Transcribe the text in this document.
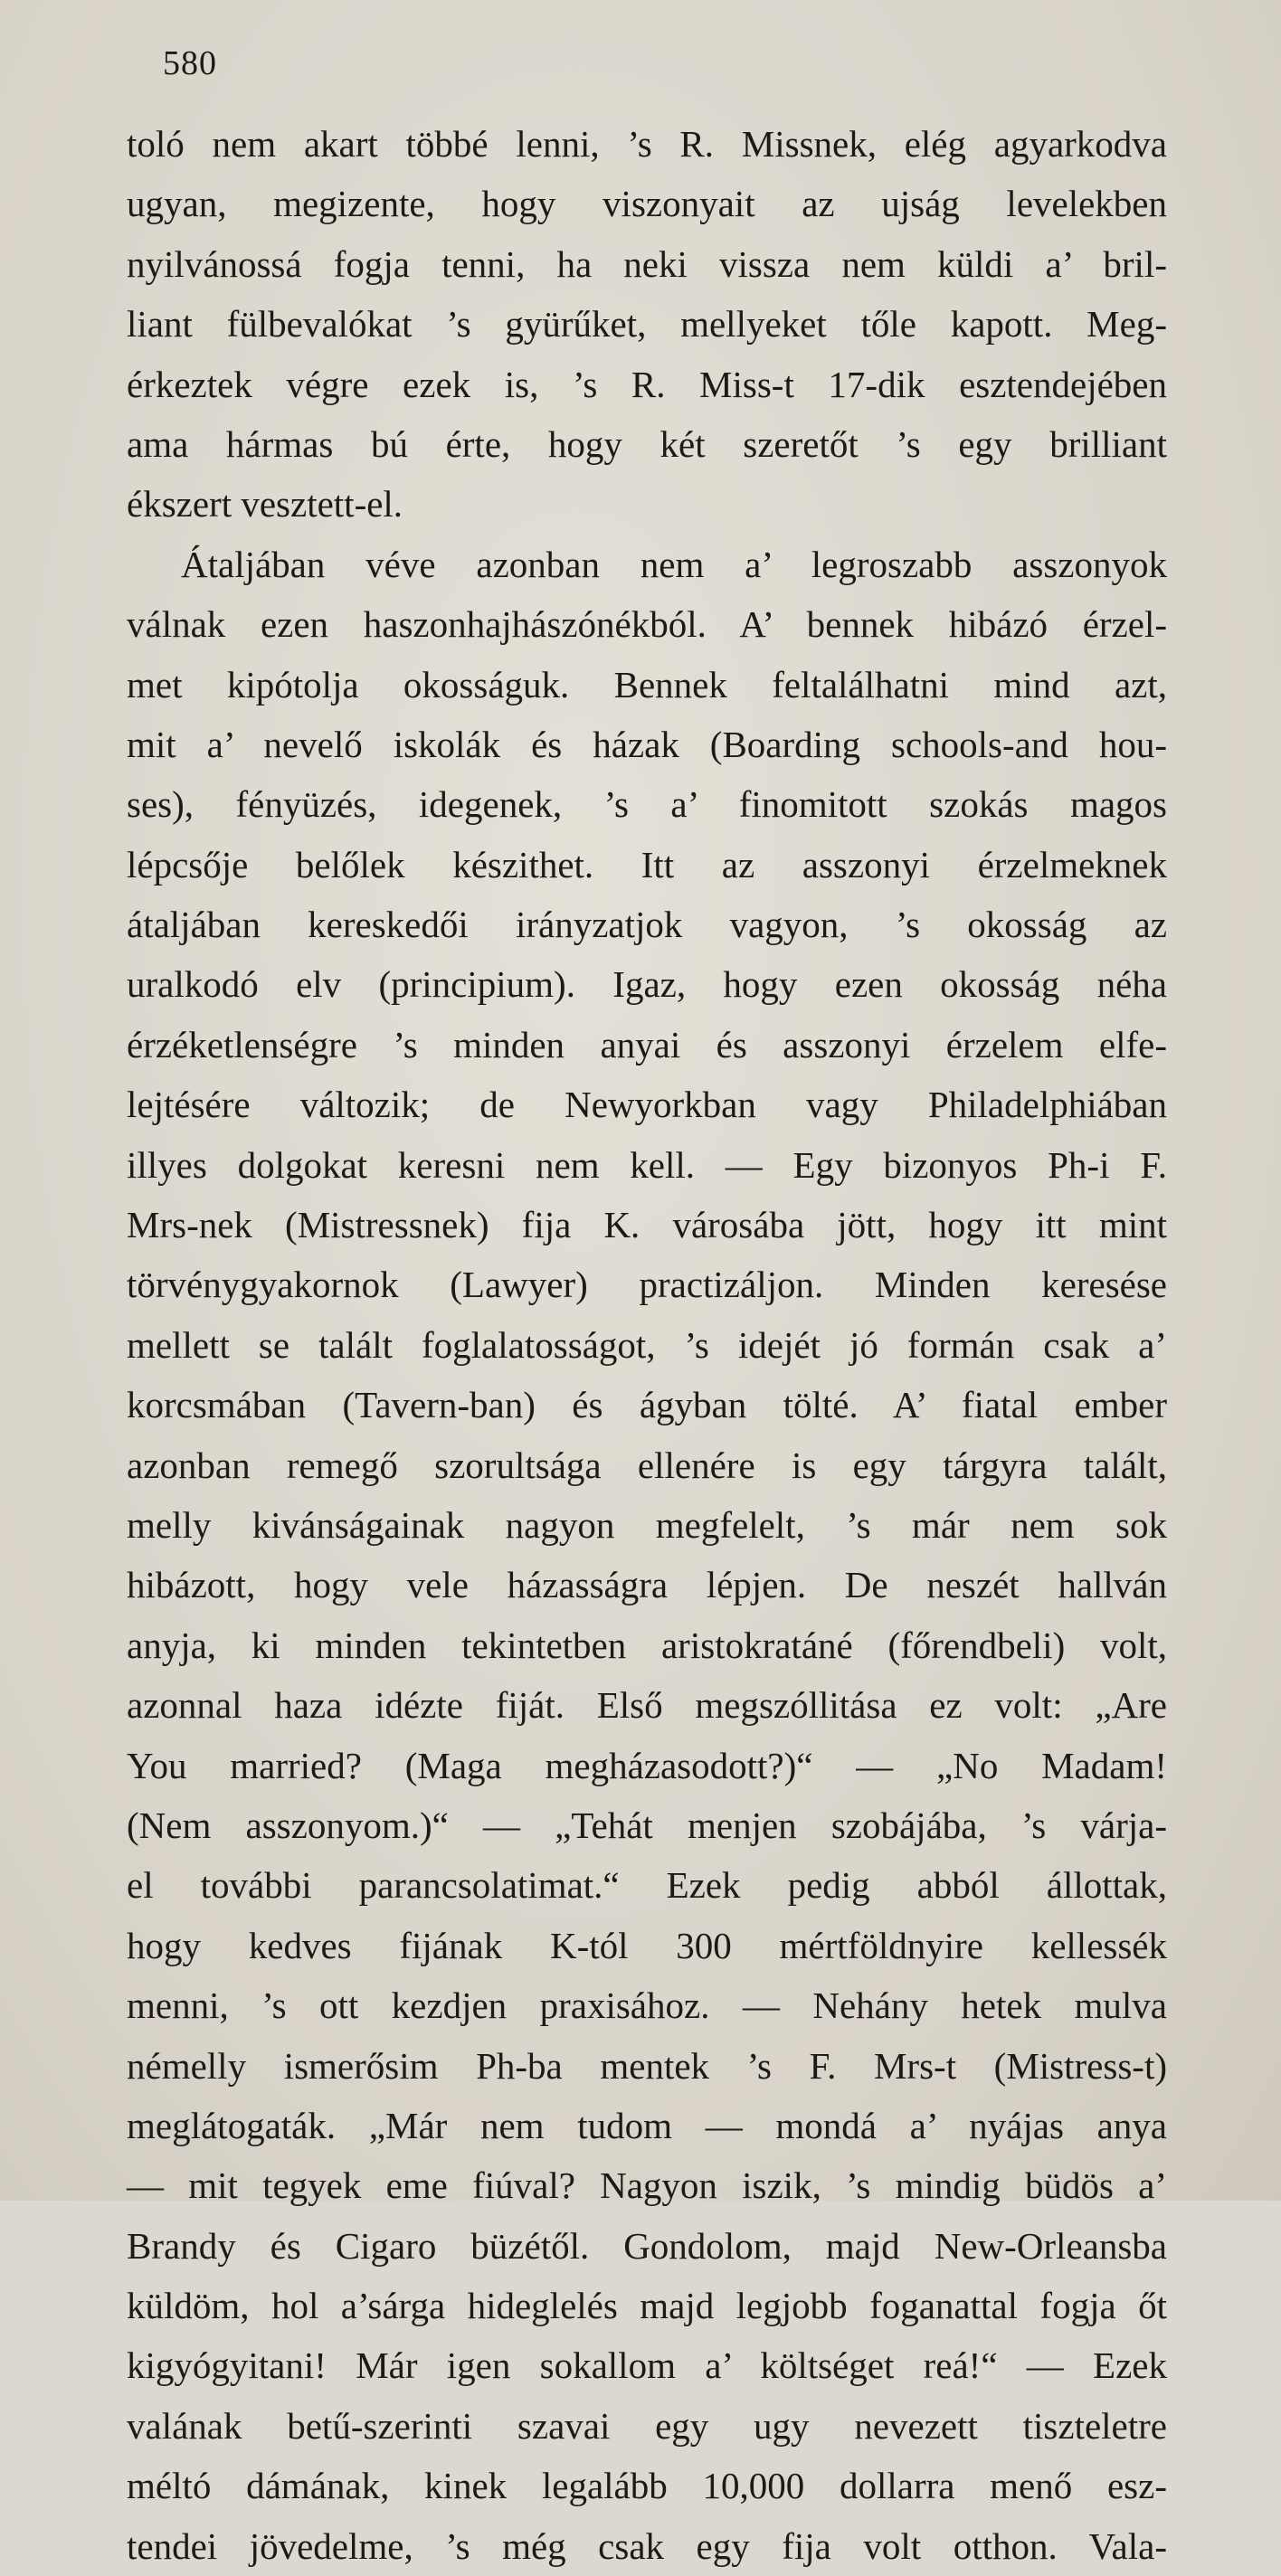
580
toló nem akart többé lenni, ’s R. Missnek, elég agyarkodva
ugyan, megizente, hogy viszonyait az ujság levelekben
nyilvánossá fogja tenni, ha neki vissza nem küldi a’ bril-
liant fülbevalókat ’s gyürűket, mellyeket tőle kapott. Meg-
érkeztek végre ezek is, ’s R. Miss-t 17-dik esztendejében
ama hármas bú érte, hogy két szeretőt ’s egy brilliant
ékszert vesztett-el.
Átaljában véve azonban nem a’ legroszabb asszonyok
válnak ezen haszonhajhászónékból. A’ bennek hibázó érzel-
met kipótolja okosságuk. Bennek feltalálhatni mind azt,
mit a’ nevelő iskolák és házak (Boarding schools-and hou-
ses), fényüzés, idegenek, ’s a’ finomitott szokás magos
lépcsője belőlek készithet. Itt az asszonyi érzelmeknek
átaljában kereskedői irányzatjok vagyon, ’s okosság az
uralkodó elv (principium). Igaz, hogy ezen okosság néha
érzéketlenségre ’s minden anyai és asszonyi érzelem elfe-
lejtésére változik; de Newyorkban vagy Philadelphiában
illyes dolgokat keresni nem kell. — Egy bizonyos Ph-i F.
Mrs-nek (Mistressnek) fija K. városába jött, hogy itt mint
törvénygyakornok (Lawyer) practizáljon. Minden keresése
mellett se talált foglalatosságot, ’s idejét jó formán csak a’
korcsmában (Tavern-ban) és ágyban tölté. A’ fiatal ember
azonban remegő szorultsága ellenére is egy tárgyra talált,
melly kivánságainak nagyon megfelelt, ’s már nem sok
hibázott, hogy vele házasságra lépjen. De neszét hallván
anyja, ki minden tekintetben aristokratáné (főrendbeli) volt,
azonnal haza idézte fiját. Első megszóllitása ez volt: „Are
You married? (Maga megházasodott?)“ — „No Madam!
(Nem asszonyom.)“ — „Tehát menjen szobájába, ’s várja-
el további parancsolatimat.“ Ezek pedig abból állottak,
hogy kedves fijának K-tól 300 mértföldnyire kellessék
menni, ’s ott kezdjen praxisához. — Nehány hetek mulva
némelly ismerősim Ph-ba mentek ’s F. Mrs-t (Mistress-t)
meglátogaták. „Már nem tudom — mondá a’ nyájas anya
— mit tegyek eme fiúval? Nagyon iszik, ’s mindig büdös a’
Brandy és Cigaro büzétől. Gondolom, majd New-Orleansba
küldöm, hol a’sárga hideglelés majd legjobb foganattal fogja őt
kigyógyitani! Már igen sokallom a’ költséget reá!“ — Ezek
valának betű-szerinti szavai egy ugy nevezett tiszteletre
méltó dámának, kinek legalább 10,000 dollarra menő esz-
tendei jövedelme, ’s még csak egy fija volt otthon. Vala-
